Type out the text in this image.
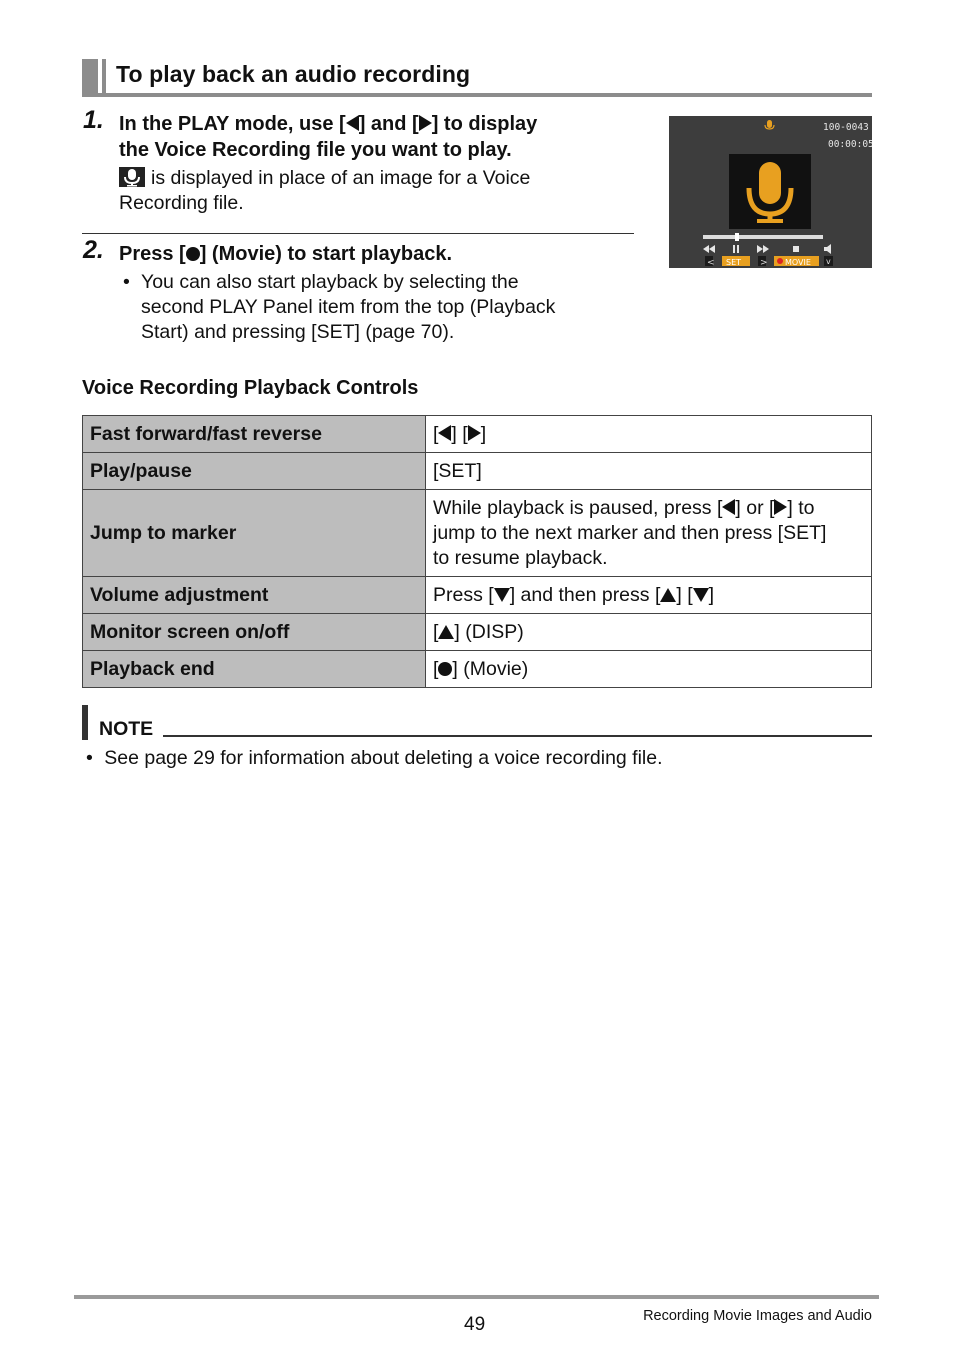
To play back an audio recording
1. In the PLAY mode, use [ ] and [ ] to display
the Voice Recording file you want to play.
is displayed in place of an image for a Voice
Recording file.
2. Press [ ] (Movie) to start playback.
• You can also start playback by selecting the
second PLAY Panel item from the top (Playback
Start) and pressing [SET] (page 70).
100-0043
00:00:05
< SET > MOVIE v
Voice Recording Playback Controls
Fast forward/fast reverse	[ ] [ ]
Play/pause	[SET]
Jump to marker	While playback is paused, press [ ] or [ ] to
jump to the next marker and then press [SET]
to resume playback.
Volume adjustment	Press [ ] and then press [ ] [ ]
Monitor screen on/off	[ ] (DISP)
Playback end	[ ] (Movie)
NOTE
• See page 29 for information about deleting a voice recording file.
49	Recording Movie Images and Audio
